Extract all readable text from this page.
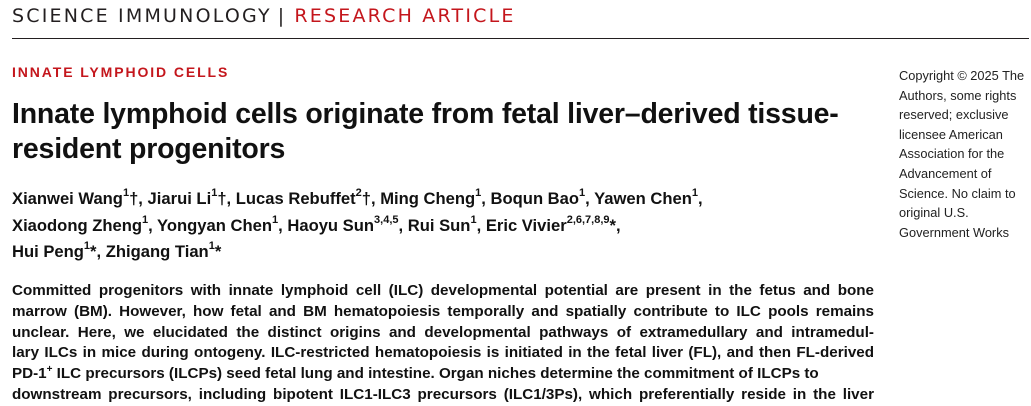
SCIENCE IMMUNOLOGY | RESEARCH ARTICLE
INNATE LYMPHOID CELLS
Innate lymphoid cells originate from fetal liver–derived tissue-resident progenitors
Xianwei Wang$^1$†, Jiarui Li$^1$†, Lucas Rebuffet$^2$†, Ming Cheng$^1$, Boqun Bao$^1$, Yawen Chen$^1$,
Xiaodong Zheng$^1$, Yongyan Chen$^1$, Haoyu Sun$^{3,4,5}$, Rui Sun$^1$, Eric Vivier$^{2,6,7,8,9}$*,
Hui Peng$^1$*, Zhigang Tian$^1$*
Copyright © 2025 The Authors, some rights reserved; exclusive licensee American Association for the Advancement of Science. No claim to original U.S. Government Works
Committed progenitors with innate lymphoid cell (ILC) developmental potential are present in the fetus and bone
marrow (BM). However, how fetal and BM hematopoiesis temporally and spatially contribute to ILC pools remains
unclear. Here, we elucidated the distinct origins and developmental pathways of extramedullary and intramedul-
lary ILCs in mice during ontogeny. ILC-restricted hematopoiesis is initiated in the fetal liver (FL), and then FL-derived
PD-1+ ILC precursors (ILCPs) seed fetal lung and intestine. Organ niches determine the commitment of ILCPs to
downstream precursors, including bipotent ILC1-ILC3 precursors (ILC1/3Ps), which preferentially reside in the liver
